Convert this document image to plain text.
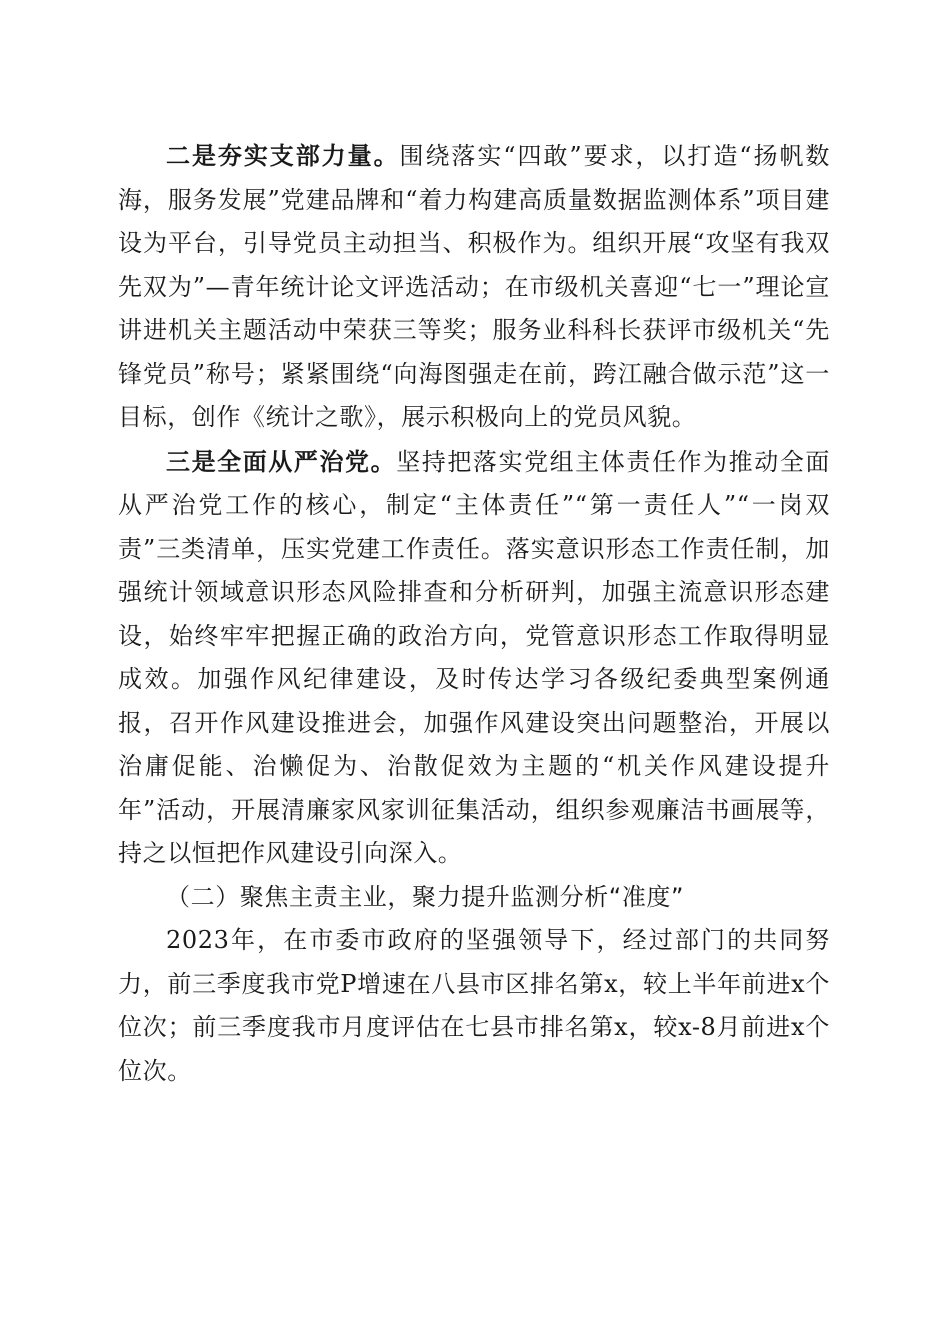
二是夯实支部力量。围绕落实“四敢”要求，以打造“扬帆数海，服务发展”党建品牌和“着力构建高质量数据监测体系”项目建设为平台，引导党员主动担当、积极作为。组织开展“攻坚有我双先双为”—青年统计论文评选活动；在市级机关喜迎“七一”理论宣讲进机关主题活动中荣获三等奖；服务业科科长获评市级机关“先锋党员”称号；紧紧围绕“向海图强走在前，跨江融合做示范”这一目标，创作《统计之歌》，展示积极向上的党员风貌。

三是全面从严治党。坚持把落实党组主体责任作为推动全面从严治党工作的核心，制定“主体责任”“第一责任人”“一岗双责”三类清单，压实党建工作责任。落实意识形态工作责任制，加强统计领域意识形态风险排查和分析研判，加强主流意识形态建设，始终牢牢把握正确的政治方向，党管意识形态工作取得明显成效。加强作风纪律建设，及时传达学习各级纪委典型案例通报，召开作风建设推进会，加强作风建设突出问题整治，开展以治庸促能、治懒促为、治散促效为主题的“机关作风建设提升年”活动，开展清廉家风家训征集活动，组织参观廉洁书画展等，持之以恒把作风建设引向深入。

（二）聚焦主责主业，聚力提升监测分析“准度”

2023年，在市委市政府的坚强领导下，经过部门的共同努力，前三季度我市党P增速在八县市区排名第x，较上半年前进x个位次；前三季度我市月度评估在七县市排名第x，较x-8月前进x个位次。
